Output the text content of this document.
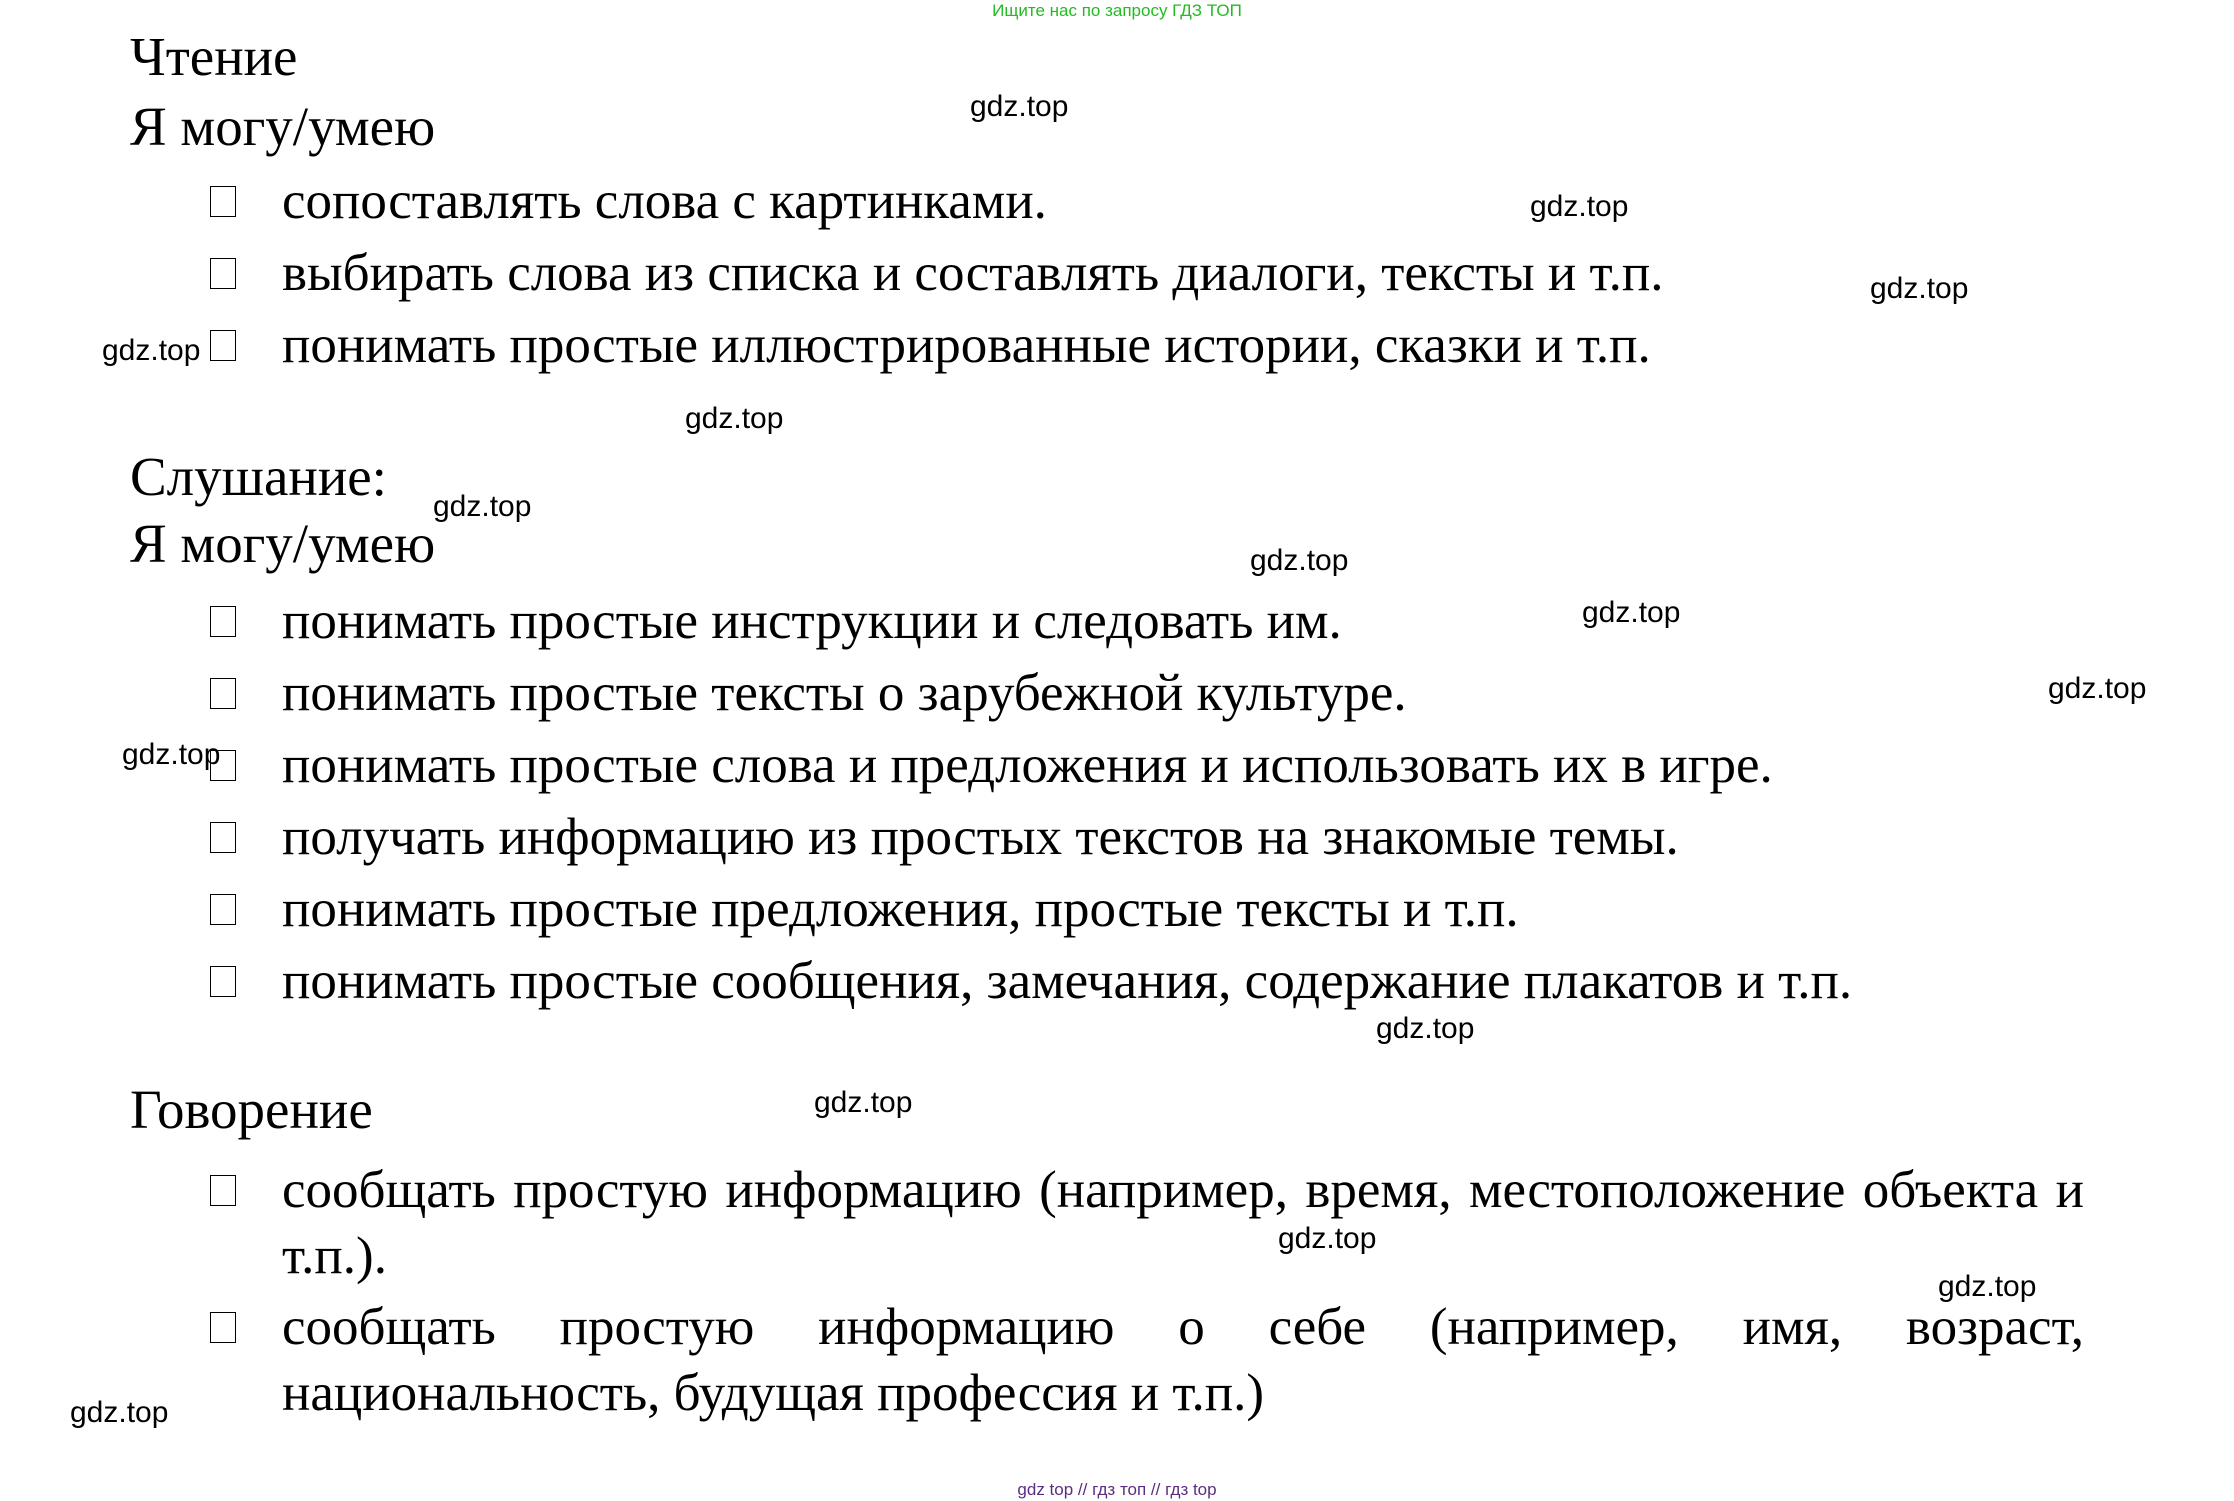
Ищите нас по запросу ГДЗ ТОП
Чтение
Я могу/умею
сопоставлять слова с картинками.
выбирать слова из списка и составлять диалоги, тексты и т.п.
понимать простые иллюстрированные истории, сказки и т.п.
Слушание:
Я могу/умею
понимать простые инструкции и следовать им.
понимать простые тексты о зарубежной культуре.
понимать простые слова и предложения и использовать их в игре.
получать информацию из простых текстов на знакомые темы.
понимать простые предложения, простые тексты и т.п.
понимать простые сообщения, замечания, содержание плакатов и т.п.
Говорение
сообщать простую информацию (например, время, местоположение объекта и т.п.).
сообщать простую информацию о себе (например, имя, возраст, национальность, будущая профессия и т.п.)
gdz.top
gdz.top
gdz.top
gdz.top
gdz.top
gdz.top
gdz.top
gdz.top
gdz.top
gdz.top
gdz.top
gdz.top
gdz.top
gdz.top
gdz.top
gdz top // гдз топ // гдз top
